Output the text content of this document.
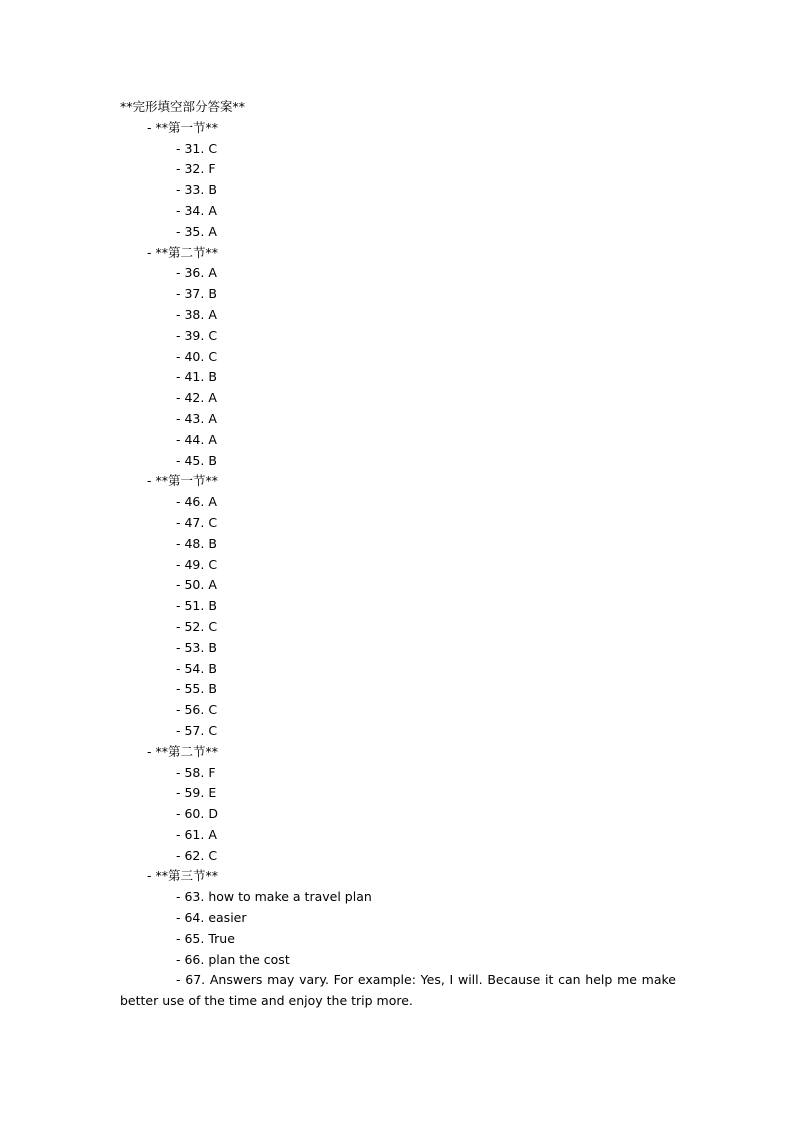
**完形填空部分答案**
- **第一节**
- 31. C
- 32. F
- 33. B
- 34. A
- 35. A
- **第二节**
- 36. A
- 37. B
- 38. A
- 39. C
- 40. C
- 41. B
- 42. A
- 43. A
- 44. A
- 45. B
- **第一节**
- 46. A
- 47. C
- 48. B
- 49. C
- 50. A
- 51. B
- 52. C
- 53. B
- 54. B
- 55. B
- 56. C
- 57. C
- **第二节**
- 58. F
- 59. E
- 60. D
- 61. A
- 62. C
- **第三节**
- 63. how to make a travel plan
- 64. easier
- 65. True
- 66. plan the cost
- 67. Answers may vary. For example: Yes, I will. Because it can help me make better use of the time and enjoy the trip more.
